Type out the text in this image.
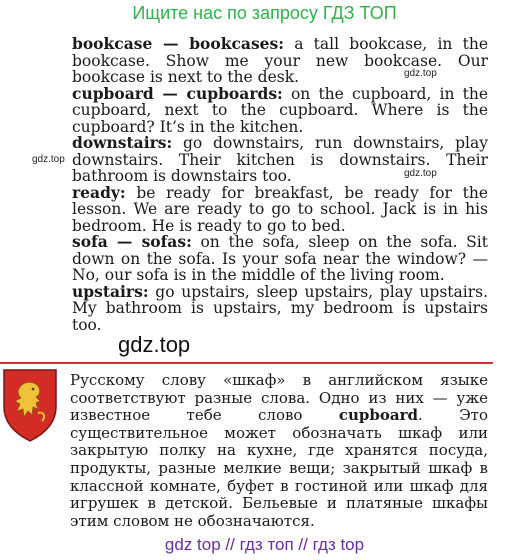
Ищите нас по запросу ГДЗ ТОП

bookcase — bookcases: a tall bookcase, in the bookcase. Show me your new bookcase. Our bookcase is next to the desk.

cupboard — cupboards: on the cupboard, in the cupboard, next to the cupboard. Where is the cupboard? It’s in the kitchen.

downstairs: go downstairs, run downstairs, play downstairs. Their kitchen is downstairs. Their bathroom is downstairs too.

ready: be ready for breakfast, be ready for the lesson. We are ready to go to school. Jack is in his bedroom. He is ready to go to bed.

sofa — sofas: on the sofa, sleep on the sofa. Sit down on the sofa. Is your sofa near the window? — No, our sofa is in the middle of the living room.

upstairs: go upstairs, sleep upstairs, play upstairs. My bathroom is upstairs, my bedroom is upstairs too.

gdz.top
gdz.top
gdz.top
gdz.top
Русскому слову «шкаф» в английском языке соответствуют разные слова. Одно из них — уже известное тебе слово cupboard. Это существительное может обозначать шкаф или закрытую полку на кухне, где хранятся посуда, продукты, разные мелкие вещи; закрытый шкаф в классной комнате, буфет в гостиной или шкаф для игрушек в детской. Бельевые и платяные шкафы этим словом не обозначаются.
gdz top // гдз топ // гдз top
